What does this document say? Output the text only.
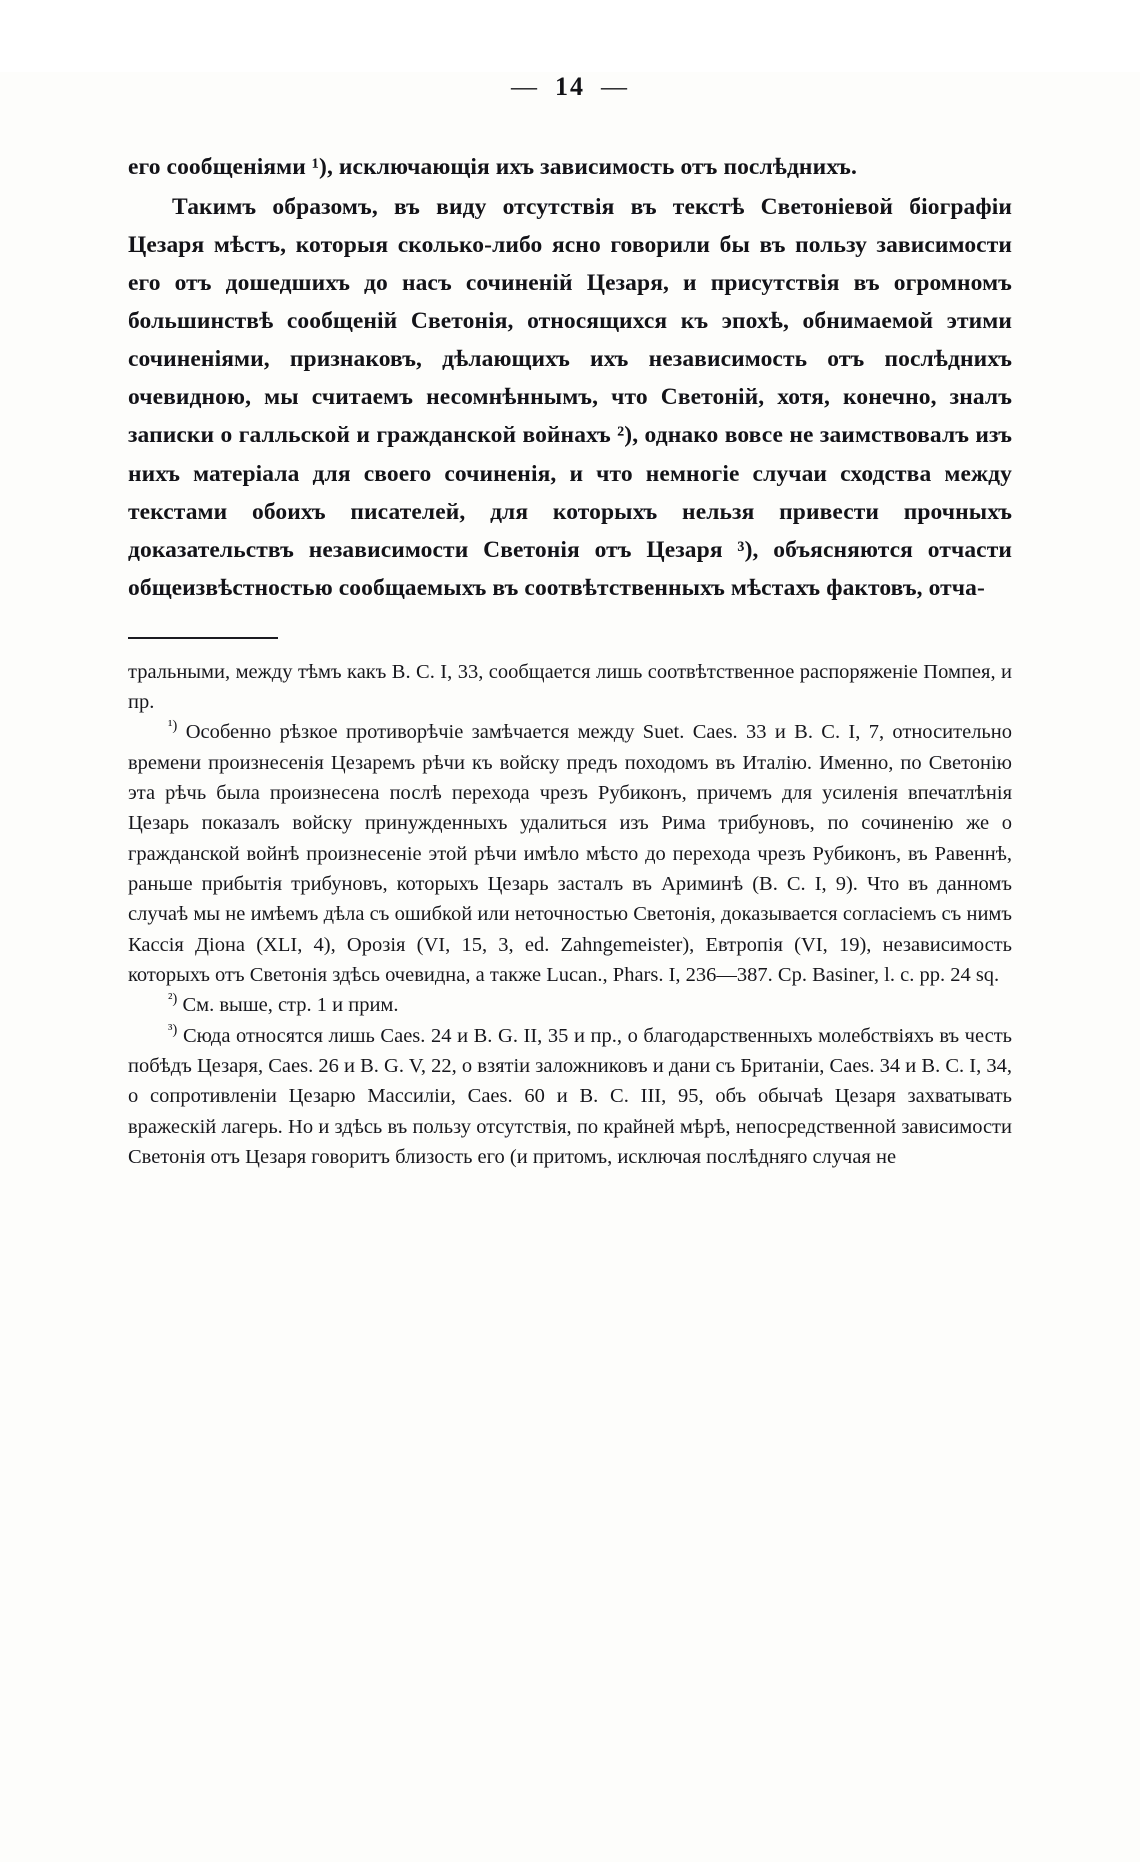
— 14 —

его сообщеніями ¹), исключающія ихъ зависимость отъ послѣднихъ.

Такимъ образомъ, въ виду отсутствія въ текстѣ Светоніевой біографіи Цезаря мѣстъ, которыя сколько-либо ясно говорили бы въ пользу зависимости его отъ дошедшихъ до насъ сочиненій Цезаря, и присутствія въ огромномъ большинствѣ сообщеній Светонія, относящихся къ эпохѣ, обнимаемой этими сочиненіями, признаковъ, дѣлающихъ ихъ независимость отъ послѣднихъ очевидною, мы считаемъ несомнѣннымъ, что Светоній, хотя, конечно, зналъ записки о галльской и гражданской войнахъ ²), однако вовсе не заимствовалъ изъ нихъ матеріала для своего сочиненія, и что немногіе случаи сходства между текстами обоихъ писателей, для которыхъ нельзя привести прочныхъ доказательствъ независимости Светонія отъ Цезаря ³), объясняются отчасти общеизвѣстностью сообщаемыхъ въ соотвѣтственныхъ мѣстахъ фактовъ, отча-

тральными, между тѣмъ какъ B. C. I, 33, сообщается лишь соотвѣтственное распоряженіе Помпея, и пр.

$^{^1)}$ Особенно рѣзкое противорѣчіе замѣчается между Suet. Caes. 33 и B. C. I, 7, относительно времени произнесенія Цезаремъ рѣчи къ войску предъ походомъ въ Италію. Именно, по Светонію эта рѣчь была произнесена послѣ перехода чрезъ Рубиконъ, причемъ для усиленія впечатлѣнія Цезарь показалъ войску принужденныхъ удалиться изъ Рима трибуновъ, по сочиненію же о гражданской войнѣ произнесеніе этой рѣчи имѣло мѣсто до перехода чрезъ Рубиконъ, въ Равеннѣ, раньше прибытія трибуновъ, которыхъ Цезарь засталъ въ Ариминѣ (B. C. I, 9). Что въ данномъ случаѣ мы не имѣемъ дѣла съ ошибкой или неточностью Светонія, доказывается согласіемъ съ нимъ Кассія Діона (XLI, 4), Орозія (VI, 15, 3, ed. Zahngemeister), Евтропія (VI, 19), независимость которыхъ отъ Светонія здѣсь очевидна, а также Lucan., Phars. I, 236—387. Ср. Basiner, l. c. pp. 24 sq.

$^{^2)}$ См. выше, стр. 1 и прим.

$^{^3)}$ Сюда относятся лишь Caes. 24 и B. G. II, 35 и пр., о благодарственныхъ молебствіяхъ въ честь побѣдъ Цезаря, Caes. 26 и B. G. V, 22, о взятіи заложниковъ и дани съ Британіи, Caes. 34 и B. C. I, 34, о сопротивленіи Цезарю Массиліи, Caes. 60 и B. C. III, 95, объ обычаѣ Цезаря захватывать вражескій лагерь. Но и здѣсь въ пользу отсутствія, по крайней мѣрѣ, непосредственной зависимости Светонія отъ Цезаря говоритъ близость его (и притомъ, исключая послѣдняго случая не
